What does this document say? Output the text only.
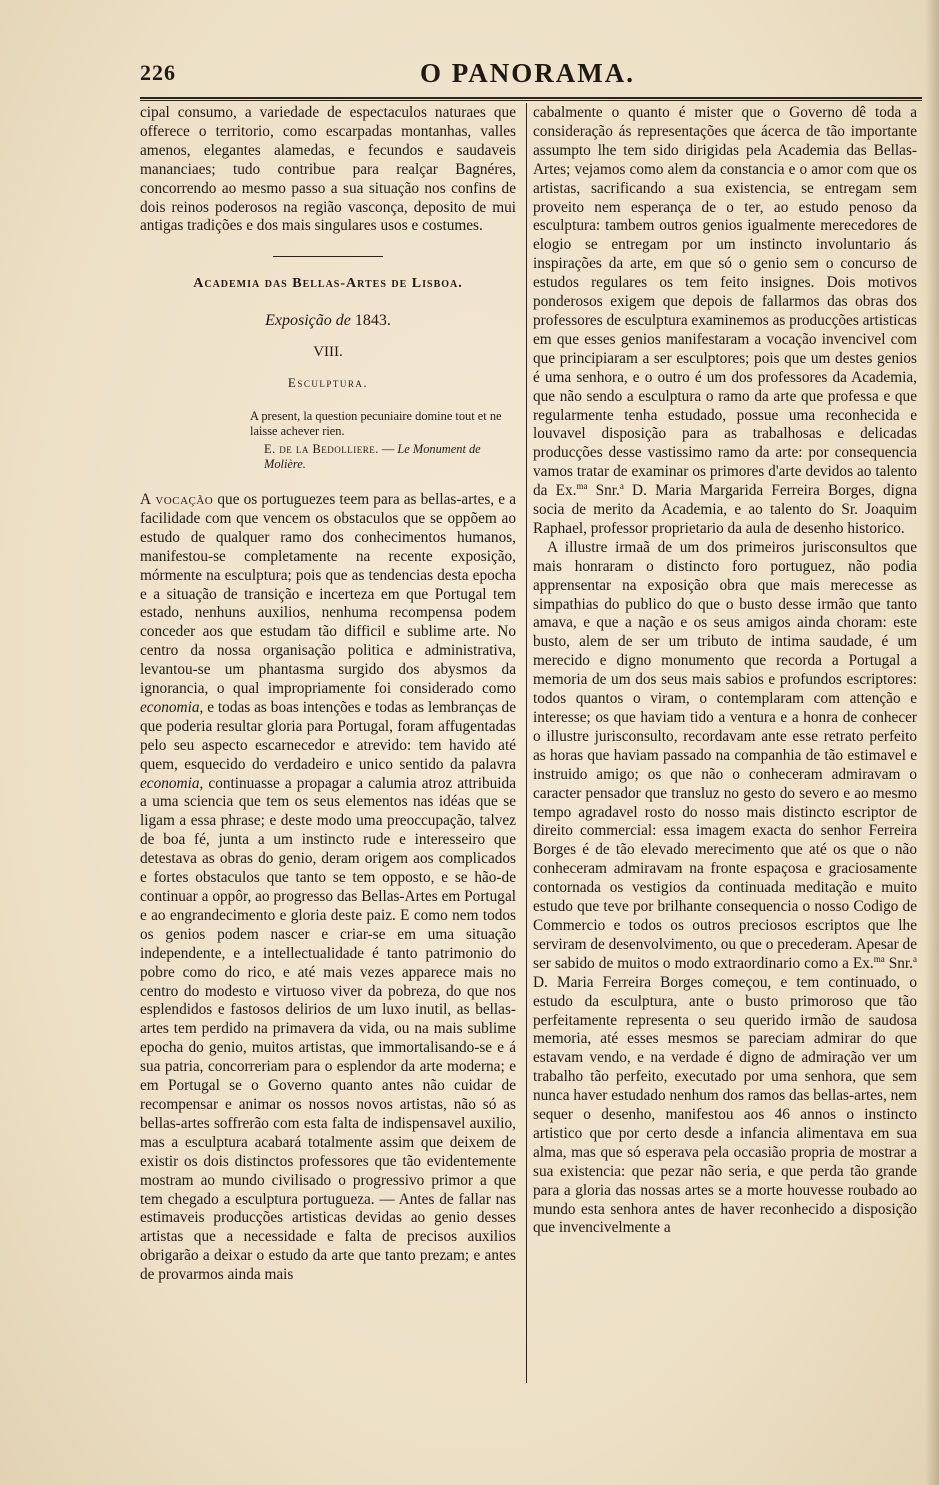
226	O PANORAMA.

cipal consumo, a variedade de espectaculos naturaes que offerece o territorio, como escarpadas montanhas, valles amenos, elegantes alamedas, e fecundos e saudaveis mananciaes; tudo contribue para realçar Bagnéres, concorrendo ao mesmo passo a sua situação nos confins de dois reinos poderosos na região vasconça, deposito de mui antigas tradições e dos mais singulares usos e costumes.

Academia das Bellas-Artes de Lisboa.
Exposição de 1843.
VIII.
Esculptura.
A present, la question pecuniaire domine tout et ne laisse achever rien.
E. de la Bedolliere. — Le Monument de Molière.

A vocação que os portuguezes teem para as bellas-artes, e a facilidade com que vencem os obstaculos que se oppõem ao estudo de qualquer ramo dos conhecimentos humanos, manifestou-se completamente na recente exposição, mórmente na esculptura; pois que as tendencias desta epocha e a situação de transição e incerteza em que Portugal tem estado, nenhuns auxilios, nenhuma recompensa podem conceder aos que estudam tão difficil e sublime arte. No centro da nossa organisação politica e administrativa, levantou-se um phantasma surgido dos abysmos da ignorancia, o qual impropriamente foi considerado como economia, e todas as boas intenções e todas as lembranças de que poderia resultar gloria para Portugal, foram affugentadas pelo seu aspecto escarnecedor e atrevido: tem havido até quem, esquecido do verdadeiro e unico sentido da palavra economia, continuasse a propagar a calumia atroz attribuida a uma sciencia que tem os seus elementos nas idéas que se ligam a essa phrase; e deste modo uma preoccupação, talvez de boa fé, junta a um instincto rude e interesseiro que detestava as obras do genio, deram origem aos complicados e fortes obstaculos que tanto se tem opposto, e se hão-de continuar a oppôr, ao progresso das Bellas-Artes em Portugal e ao engrandecimento e gloria deste paiz. E como nem todos os genios podem nascer e criar-se em uma situação independente, e a intellectualidade é tanto patrimonio do pobre como do rico, e até mais vezes apparece mais no centro do modesto e virtuoso viver da pobreza, do que nos esplendidos e fastosos delirios de um luxo inutil, as bellas-artes tem perdido na primavera da vida, ou na mais sublime epocha do genio, muitos artistas, que immortalisando-se e á sua patria, concorreriam para o esplendor da arte moderna; e em Portugal se o Governo quanto antes não cuidar de recompensar e animar os nossos novos artistas, não só as bellas-artes soffrerão com esta falta de indispensavel auxilio, mas a esculptura acabará totalmente assim que deixem de existir os dois distinctos professores que tão evidentemente mostram ao mundo civilisado o progressivo primor a que tem chegado a esculptura portugueza. — Antes de fallar nas estimaveis producções artisticas devidas ao genio desses artistas que a necessidade e falta de precisos auxilios obrigarão a deixar o estudo da arte que tanto prezam; e antes de provarmos ainda mais

cabalmente o quanto é mister que o Governo dê toda a consideração ás representações que ácerca de tão importante assumpto lhe tem sido dirigidas pela Academia das Bellas-Artes; vejamos como alem da constancia e o amor com que os artistas, sacrificando a sua existencia, se entregam sem proveito nem esperança de o ter, ao estudo penoso da esculptura: tambem outros genios igualmente merecedores de elogio se entregam por um instincto involuntario ás inspirações da arte, em que só o genio sem o concurso de estudos regulares os tem feito insignes. Dois motivos ponderosos exigem que depois de fallarmos das obras dos professores de esculptura examinemos as producções artisticas em que esses genios manifestaram a vocação invencivel com que principiaram a ser esculptores; pois que um destes genios é uma senhora, e o outro é um dos professores da Academia, que não sendo a esculptura o ramo da arte que professa e que regularmente tenha estudado, possue uma reconhecida e louvavel disposição para as trabalhosas e delicadas producções desse vastissimo ramo da arte: por consequencia vamos tratar de examinar os primores d'arte devidos ao talento da Ex.$^{ma}$ Snr.$^a$ D. Maria Margarida Ferreira Borges, digna socia de merito da Academia, e ao talento do Sr. Joaquim Raphael, professor proprietario da aula de desenho historico.

A illustre irmaã de um dos primeiros jurisconsultos que mais honraram o distincto foro portuguez, não podia apprensentar na exposição obra que mais merecesse as simpathias do publico do que o busto desse irmão que tanto amava, e que a nação e os seus amigos ainda choram: este busto, alem de ser um tributo de intima saudade, é um merecido e digno monumento que recorda a Portugal a memoria de um dos seus mais sabios e profundos escriptores: todos quantos o viram, o contemplaram com attenção e interesse; os que haviam tido a ventura e a honra de conhecer o illustre jurisconsulto, recordavam ante esse retrato perfeito as horas que haviam passado na companhia de tão estimavel e instruido amigo; os que não o conheceram admiravam o caracter pensador que transluz no gesto do severo e ao mesmo tempo agradavel rosto do nosso mais distincto escriptor de direito commercial: essa imagem exacta do senhor Ferreira Borges é de tão elevado merecimento que até os que o não conheceram admiravam na fronte espaçosa e graciosamente contornada os vestigios da continuada meditação e muito estudo que teve por brilhante consequencia o nosso Codigo de Commercio e todos os outros preciosos escriptos que lhe serviram de desenvolvimento, ou que o precederam. Apesar de ser sabido de muitos o modo extraordinario como a Ex.$^{ma}$ Snr.$^a$ D. Maria Ferreira Borges começou, e tem continuado, o estudo da esculptura, ante o busto primoroso que tão perfeitamente representa o seu querido irmão de saudosa memoria, até esses mesmos se pareciam admirar do que estavam vendo, e na verdade é digno de admiração ver um trabalho tão perfeito, executado por uma senhora, que sem nunca haver estudado nenhum dos ramos das bellas-artes, nem sequer o desenho, manifestou aos 46 annos o instincto artistico que por certo desde a infancia alimentava em sua alma, mas que só esperava pela occasião propria de mostrar a sua existencia: que pezar não seria, e que perda tão grande para a gloria das nossas artes se a morte houvesse roubado ao mundo esta senhora antes de haver reconhecido a disposição que invencivelmente a
